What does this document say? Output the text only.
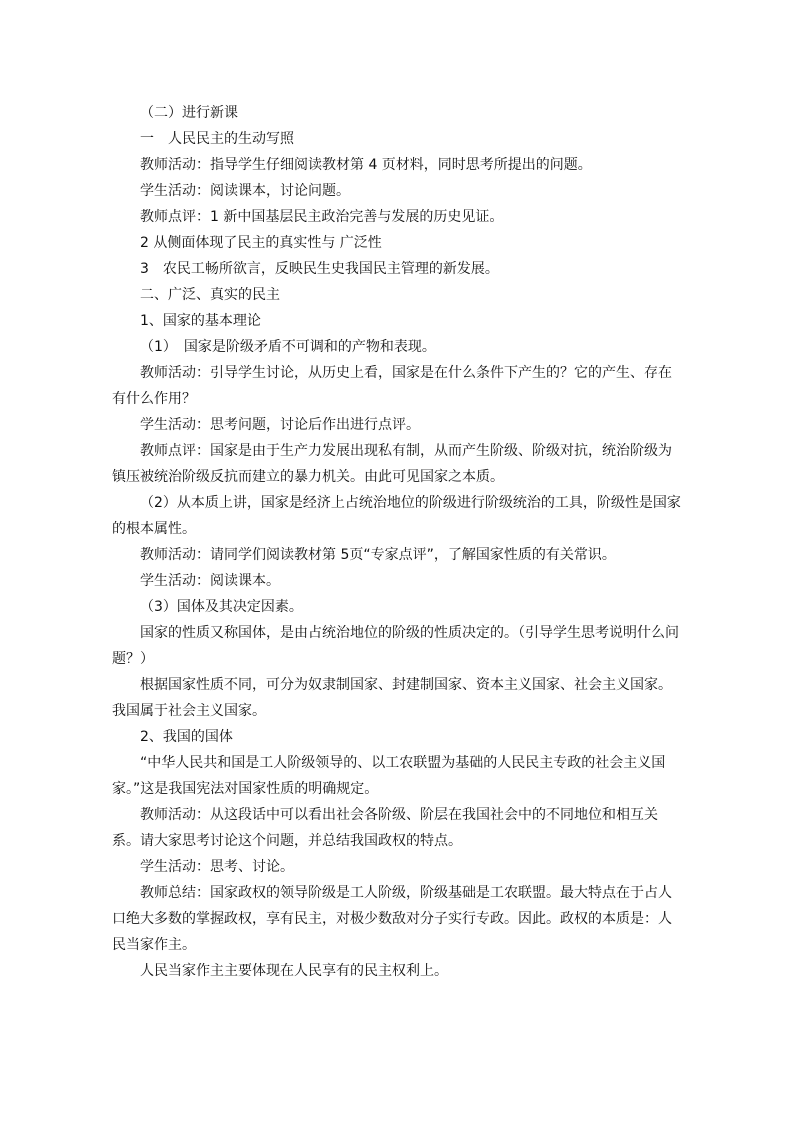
（二）进行新课

一　人民民主的生动写照

教师活动：指导学生仔细阅读教材第 4 页材料，同时思考所提出的问题。

学生活动：阅读课本，讨论问题。

教师点评：1 新中国基层民主政治完善与发展的历史见证。

2 从侧面体现了民主的真实性与 广泛性

3　农民工畅所欲言，反映民生史我国民主管理的新发展。

二、广泛、真实的民主

1、国家的基本理论

（1）　国家是阶级矛盾不可调和的产物和表现。

教师活动：引导学生讨论，从历史上看，国家是在什么条件下产生的？它的产生、存在有什么作用？

学生活动：思考问题，讨论后作出进行点评。

教师点评：国家是由于生产力发展出现私有制，从而产生阶级、阶级对抗，统治阶级为镇压被统治阶级反抗而建立的暴力机关。由此可见国家之本质。

（2）从本质上讲，国家是经济上占统治地位的阶级进行阶级统治的工具，阶级性是国家的根本属性。

教师活动：请同学们阅读教材第 5页“专家点评”，了解国家性质的有关常识。

学生活动：阅读课本。

（3）国体及其决定因素。

国家的性质又称国体，是由占统治地位的阶级的性质决定的。（引导学生思考说明什么问题？）

根据国家性质不同，可分为奴隶制国家、封建制国家、资本主义国家、社会主义国家。我国属于社会主义国家。

2、我国的国体

“中华人民共和国是工人阶级领导的、以工农联盟为基础的人民民主专政的社会主义国家。”这是我国宪法对国家性质的明确规定。

教师活动：从这段话中可以看出社会各阶级、阶层在我国社会中的不同地位和相互关系。请大家思考讨论这个问题，并总结我国政权的特点。

学生活动：思考、讨论。

教师总结：国家政权的领导阶级是工人阶级，阶级基础是工农联盟。最大特点在于占人口绝大多数的掌握政权，享有民主，对极少数敌对分子实行专政。因此。政权的本质是：人民当家作主。

人民当家作主主要体现在人民享有的民主权利上。
